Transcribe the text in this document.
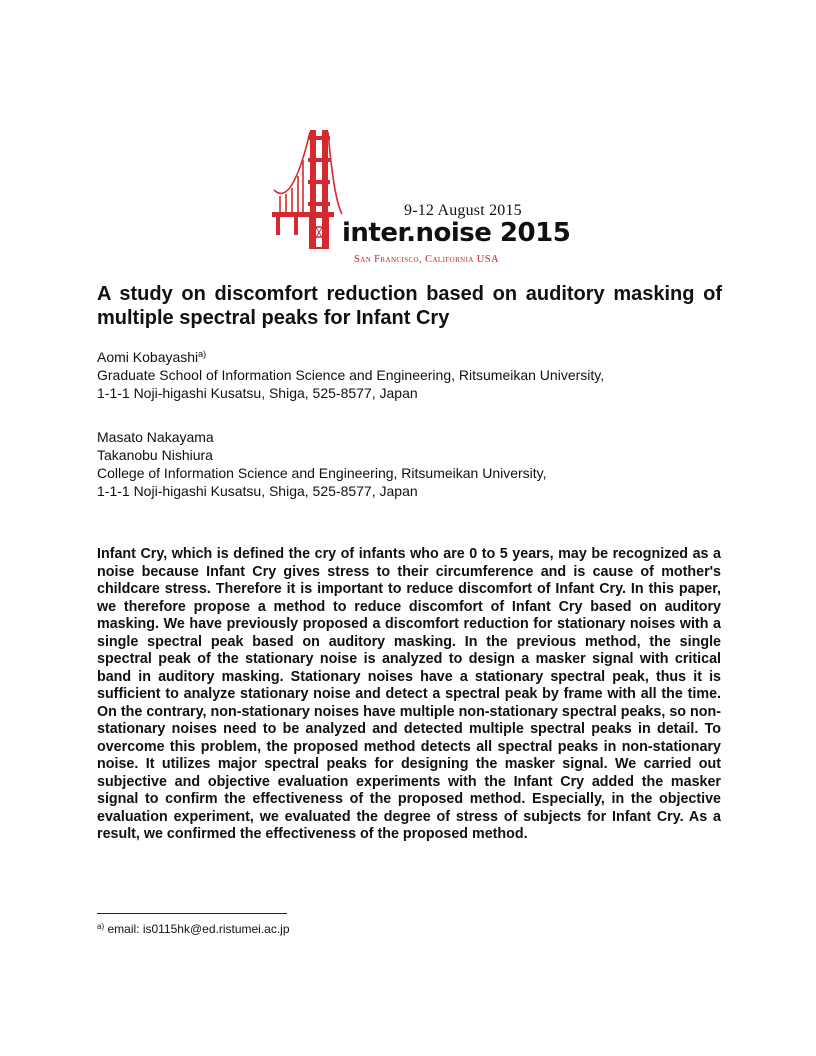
9-12 August 2015
inter.noise 2015
San Francisco, California USA
A study on discomfort reduction based on auditory masking of multiple spectral peaks for Infant Cry
Aomi Kobayashi$^{a)}$
Graduate School of Information Science and Engineering, Ritsumeikan University,
1-1-1 Noji-higashi Kusatsu, Shiga, 525-8577, Japan
Masato Nakayama
Takanobu Nishiura
College of Information Science and Engineering, Ritsumeikan University,
1-1-1 Noji-higashi Kusatsu, Shiga, 525-8577, Japan

Infant Cry, which is defined the cry of infants who are 0 to 5 years, may be recognized as a noise because Infant Cry gives stress to their circumference and is cause of mother's childcare stress. Therefore it is important to reduce discomfort of Infant Cry. In this paper, we therefore propose a method to reduce discomfort of Infant Cry based on auditory masking. We have previously proposed a discomfort reduction for stationary noises with a single spectral peak based on auditory masking. In the previous method, the single spectral peak of the stationary noise is analyzed to design a masker signal with critical band in auditory masking. Stationary noises have a stationary spectral peak, thus it is sufficient to analyze stationary noise and detect a spectral peak by frame with all the time. On the contrary, non-stationary noises have multiple non-stationary spectral peaks, so non-stationary noises need to be analyzed and detected multiple spectral peaks in detail. To overcome this problem, the proposed method detects all spectral peaks in non-stationary noise. It utilizes major spectral peaks for designing the masker signal. We carried out subjective and objective evaluation experiments with the Infant Cry added the masker signal to confirm the effectiveness of the proposed method. Especially, in the objective evaluation experiment, we evaluated the degree of stress of subjects for Infant Cry. As a result, we confirmed the effectiveness of the proposed method.

$^{a)}$ email: is0115hk@ed.ristumei.ac.jp
